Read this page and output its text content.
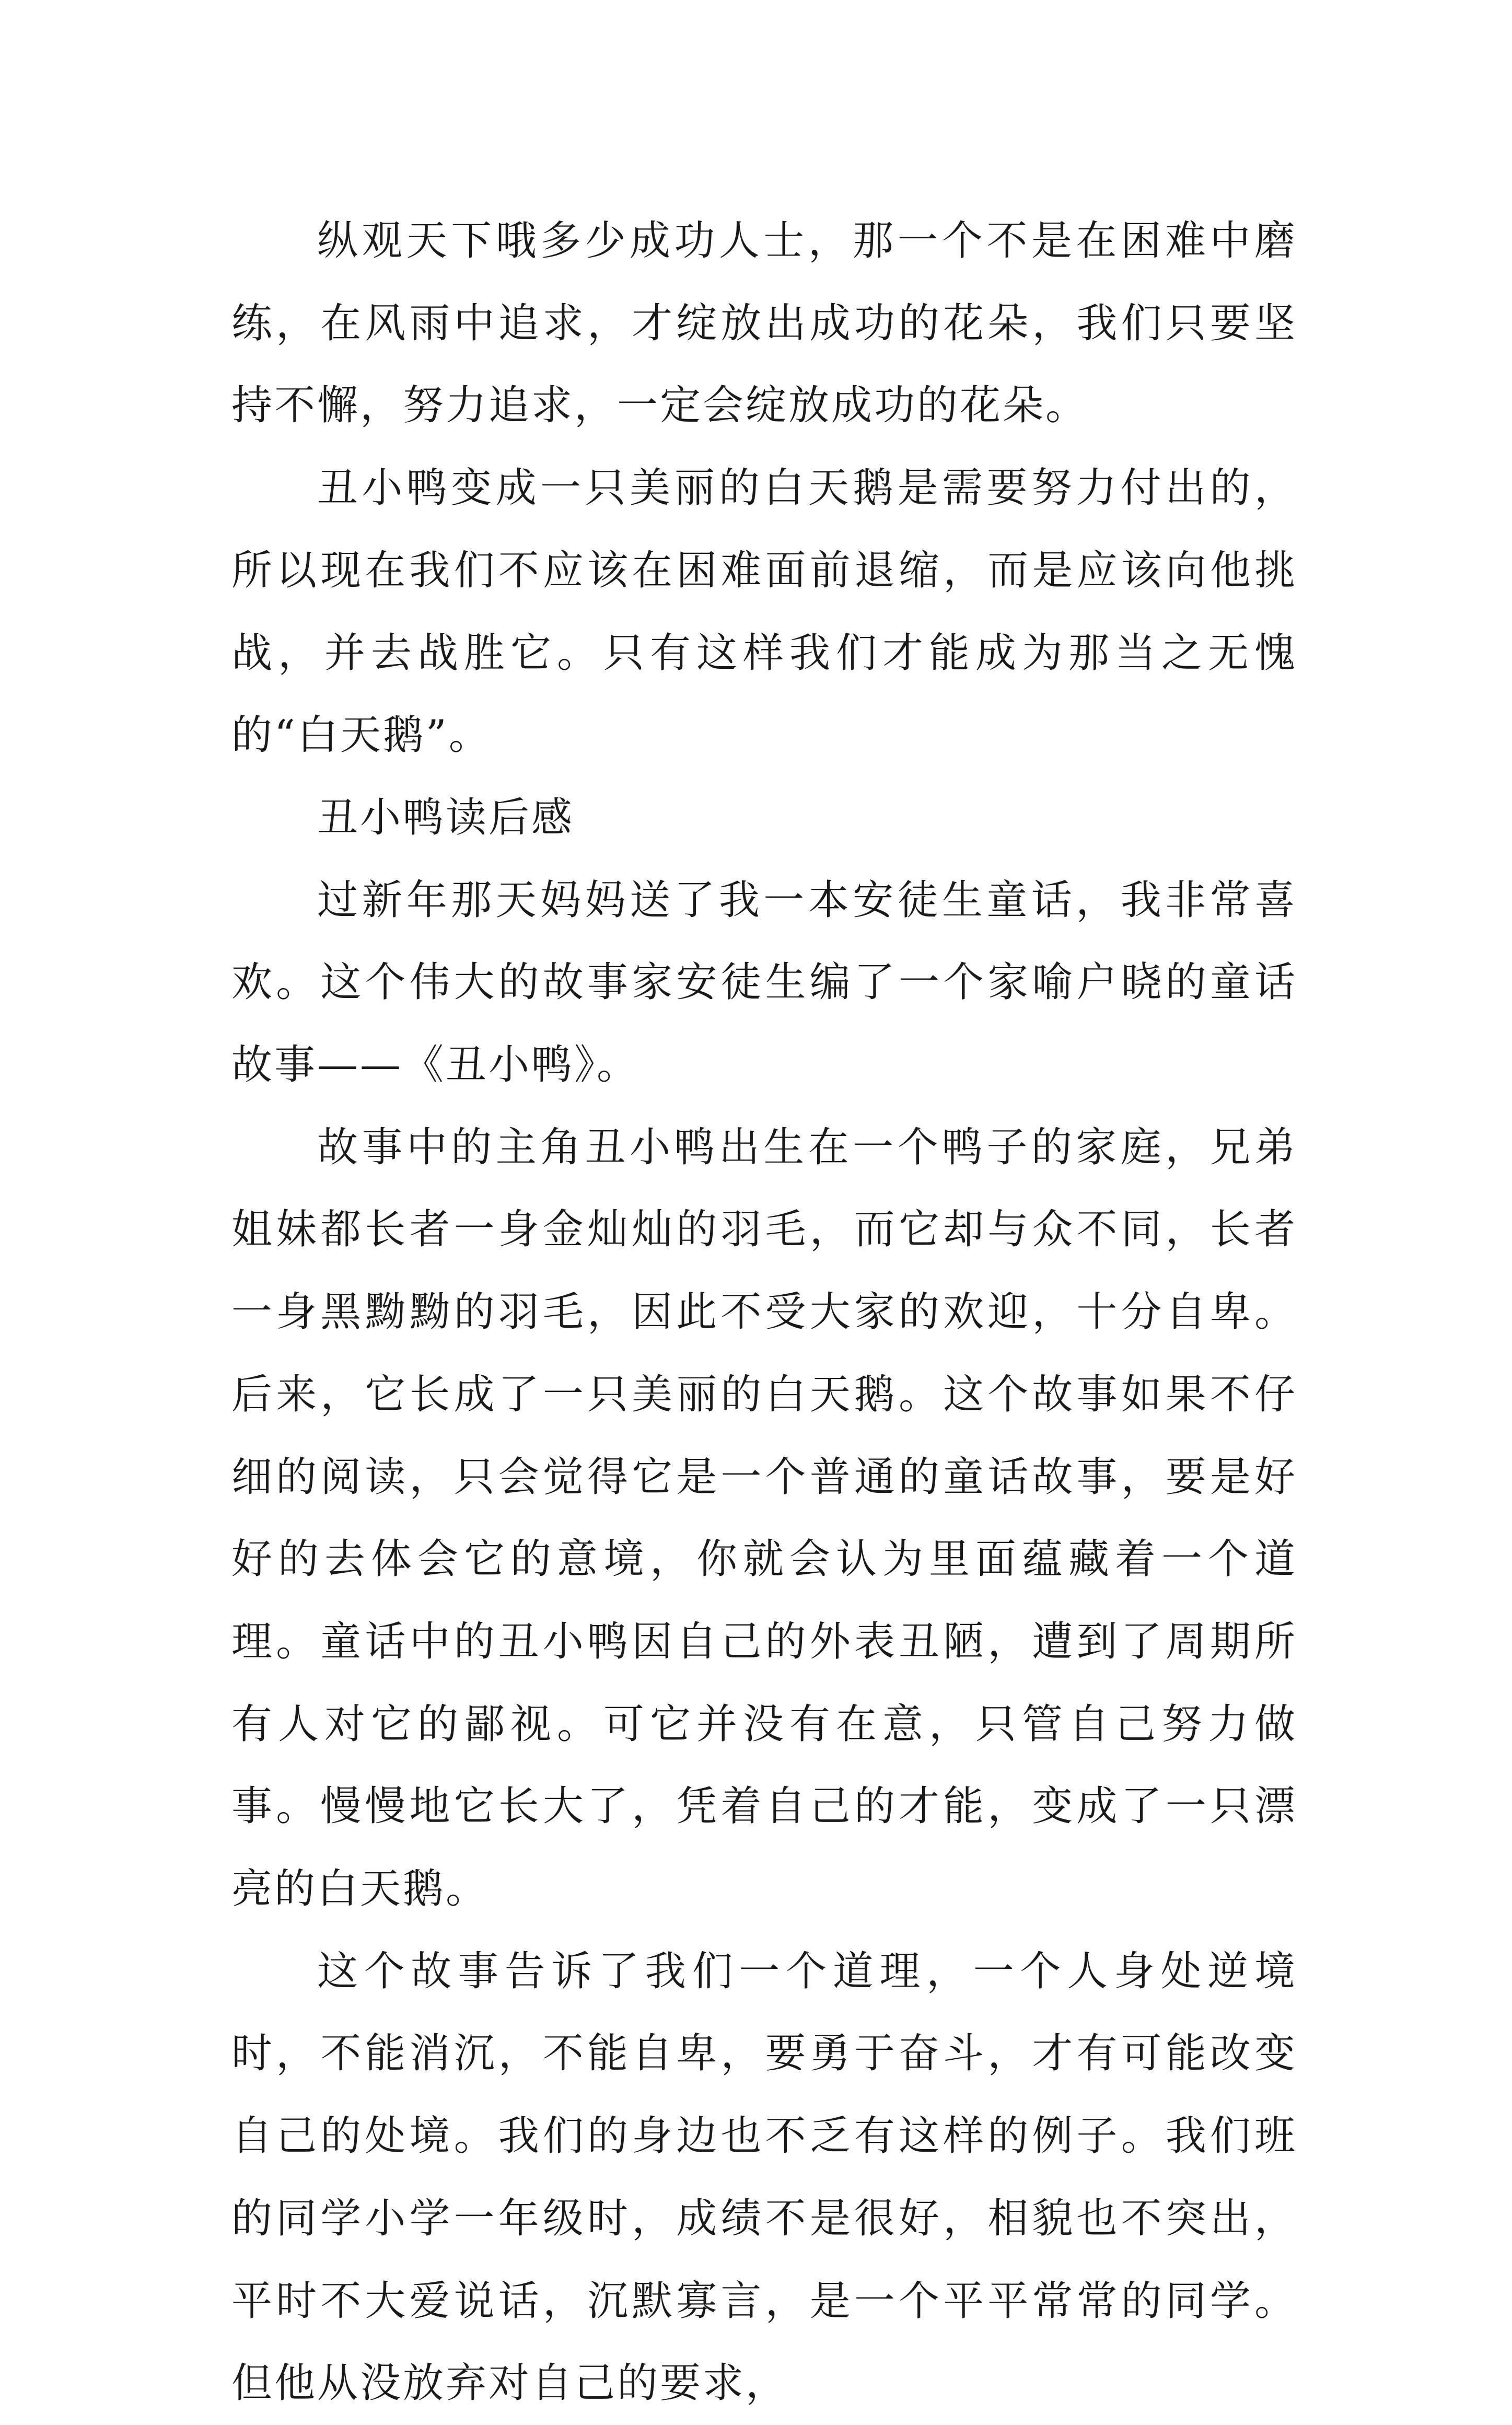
纵观天下哦多少成功人士，那一个不是在困难中磨练，在风雨中追求，才绽放出成功的花朵，我们只要坚持不懈，努力追求，一定会绽放成功的花朵。

丑小鸭变成一只美丽的白天鹅是需要努力付出的，所以现在我们不应该在困难面前退缩，而是应该向他挑战，并去战胜它。只有这样我们才能成为那当之无愧的“白天鹅”。

丑小鸭读后感

过新年那天妈妈送了我一本安徒生童话，我非常喜欢。这个伟大的故事家安徒生编了一个家喻户晓的童话故事——《丑小鸭》。

故事中的主角丑小鸭出生在一个鸭子的家庭，兄弟姐妹都长者一身金灿灿的羽毛，而它却与众不同，长者一身黑黝黝的羽毛，因此不受大家的欢迎，十分自卑。后来，它长成了一只美丽的白天鹅。这个故事如果不仔细的阅读，只会觉得它是一个普通的童话故事，要是好好的去体会它的意境，你就会认为里面蕴藏着一个道理。童话中的丑小鸭因自己的外表丑陋，遭到了周期所有人对它的鄙视。可它并没有在意，只管自己努力做事。慢慢地它长大了，凭着自己的才能，变成了一只漂亮的白天鹅。

这个故事告诉了我们一个道理，一个人身处逆境时，不能消沉，不能自卑，要勇于奋斗，才有可能改变自己的处境。我们的身边也不乏有这样的例子。我们班的同学小学一年级时，成绩不是很好，相貌也不突出，平时不大爱说话，沉默寡言，是一个平平常常的同学。但他从没放弃对自己的要求，
